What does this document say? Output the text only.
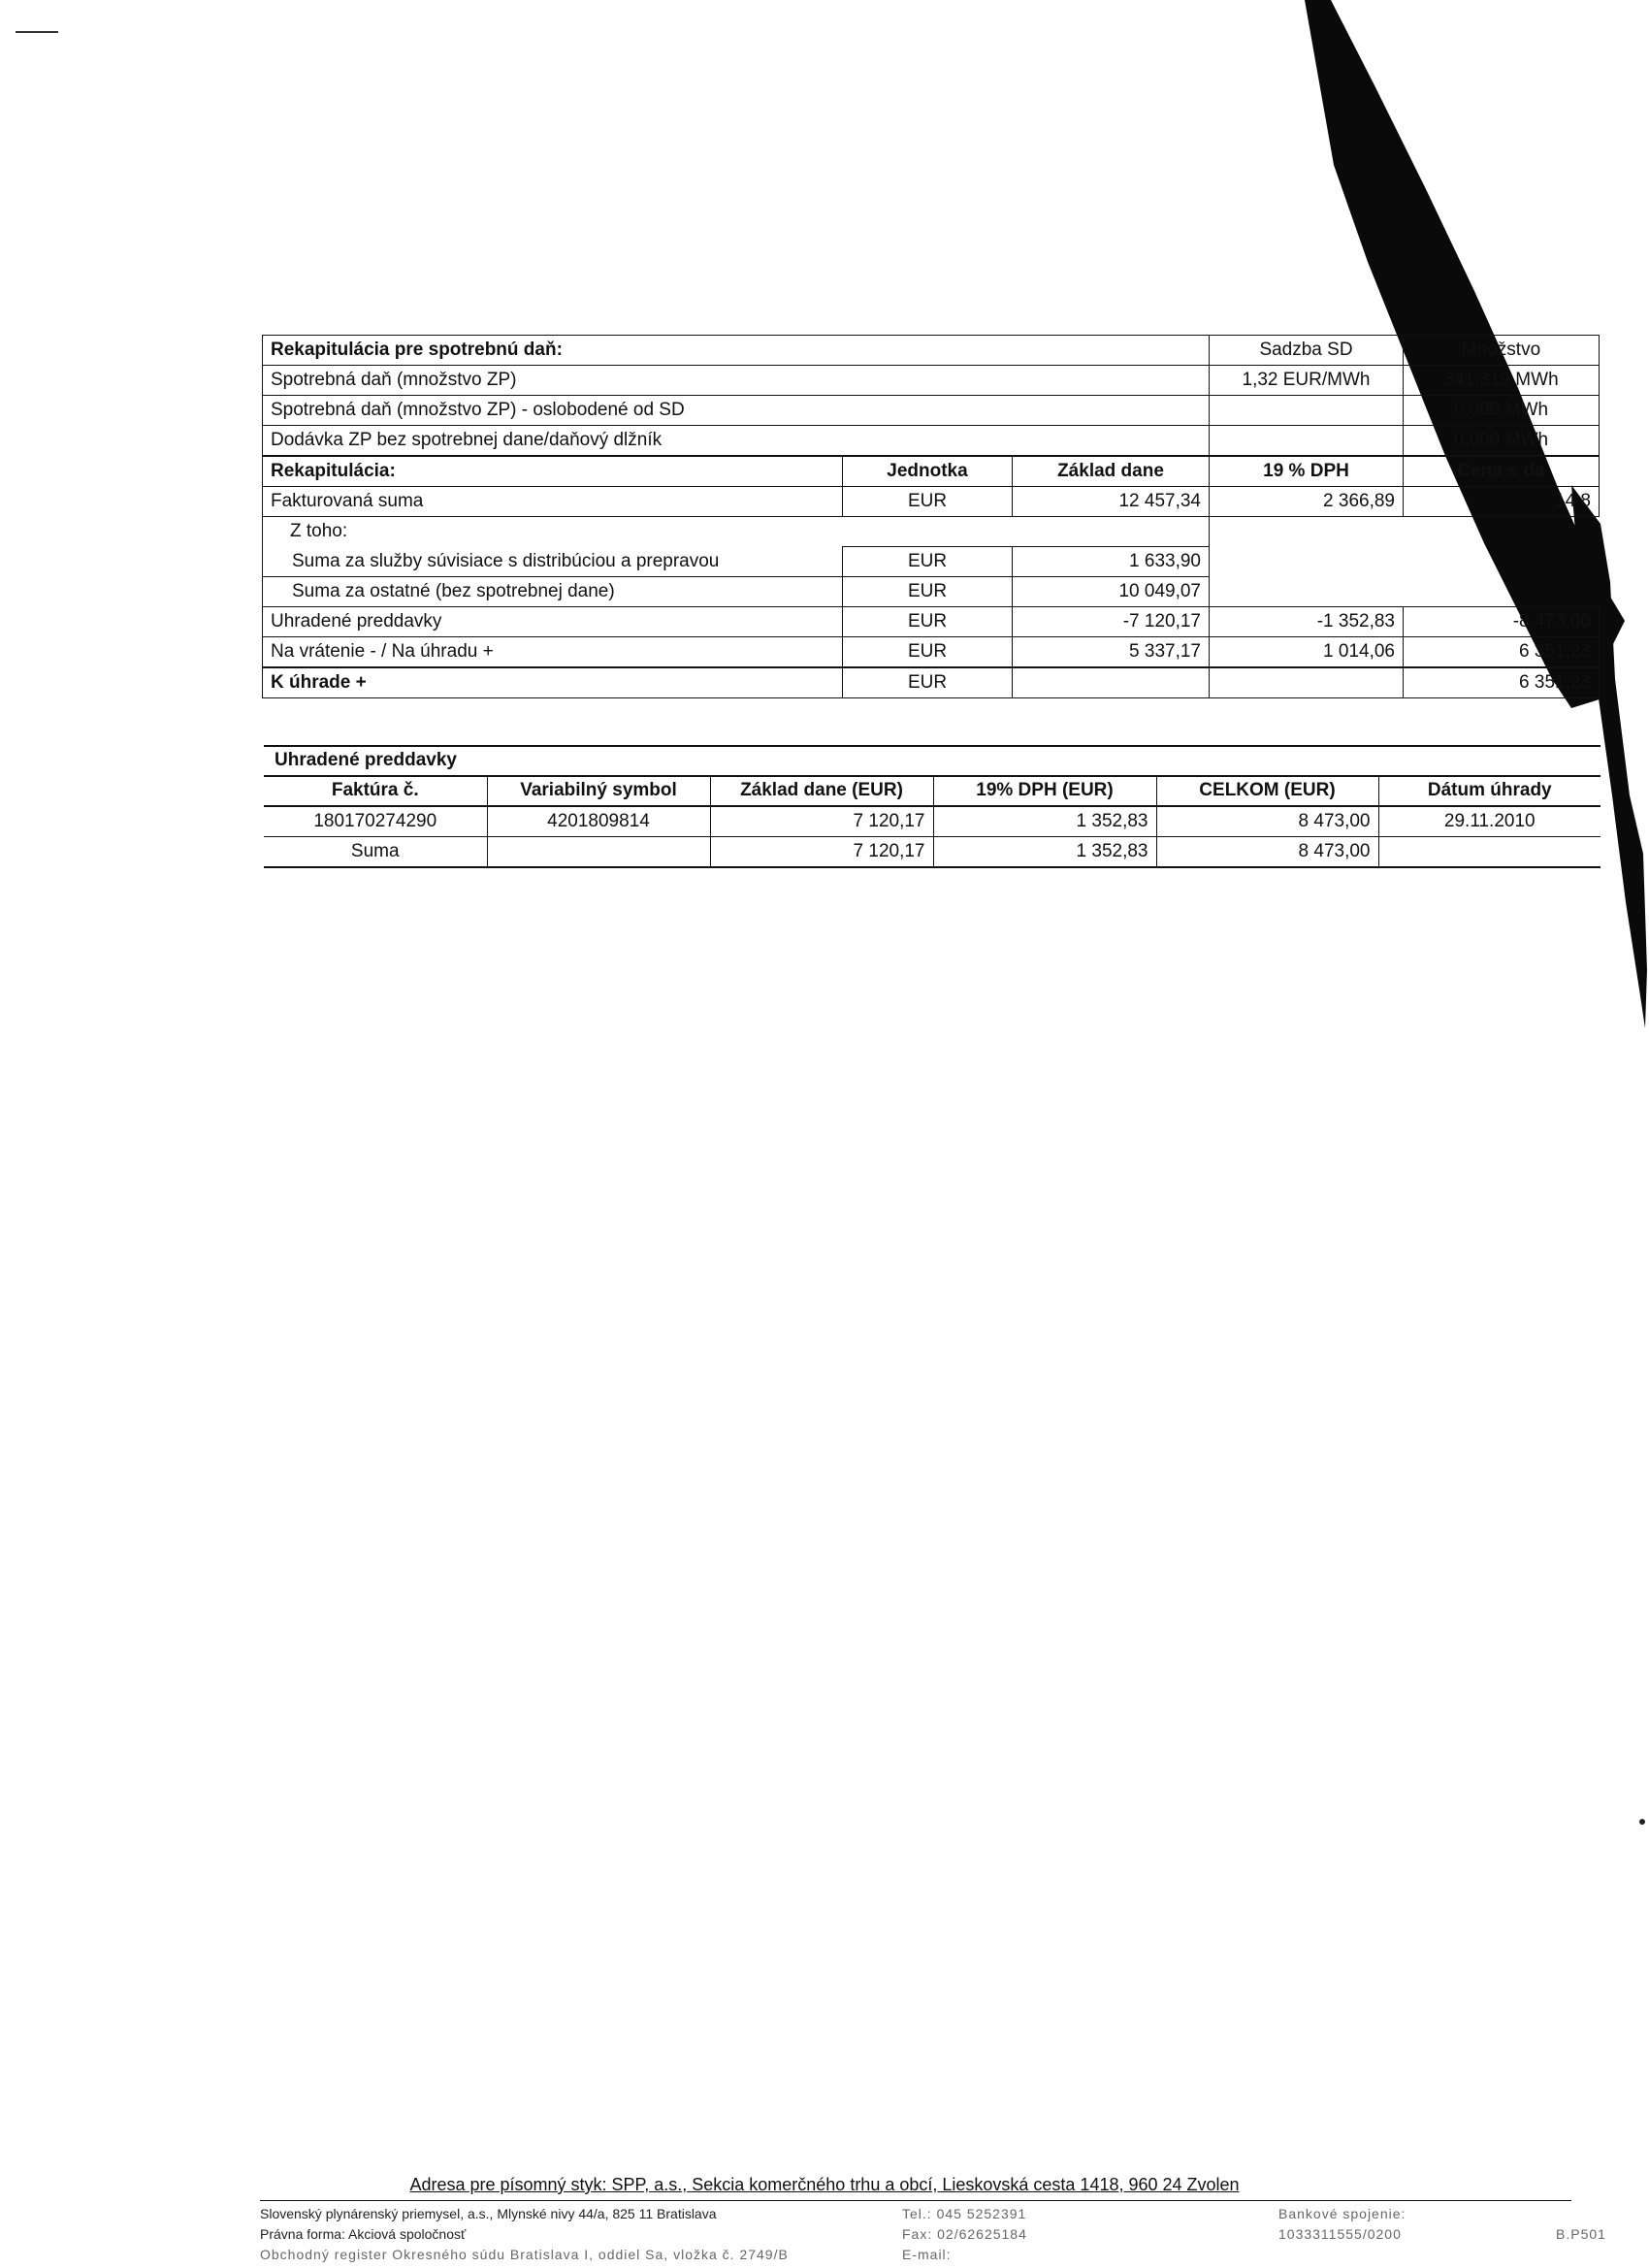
Rekapitulácia pre spotrebnú daň:			Sadzba SD	Množstvo
Spotrebná daň (množstvo ZP)			1,32 EUR/MWh	341,319 MWh
Spotrebná daň (množstvo ZP) - oslobodené od SD				0,000 MWh
Dodávka ZP bez spotrebnej dane/daňový dlžník				0,000 MWh
Rekapitulácia:	Jednotka	Základ dane	19 % DPH	Cena s da
Fakturovaná suma	EUR	12 457,34	2 366,89	14 8
Z toho:				
Suma za služby súvisiace s distribúciou a prepravou	EUR	1 633,90		
Suma za ostatné (bez spotrebnej dane)	EUR	10 049,07		
Uhradené preddavky	EUR	-7 120,17	-1 352,83	-8 473,00
Na vrátenie - / Na úhradu +	EUR	5 337,17	1 014,06	6 351,23
K úhrade +	EUR			6 351,23
Uhradené preddavky
Faktúra č.	Variabilný symbol	Základ dane (EUR)	19% DPH (EUR)	CELKOM (EUR)	Dátum úhrady
180170274290	4201809814	7 120,17	1 352,83	8 473,00	29.11.2010
Suma		7 120,17	1 352,83	8 473,00	
Adresa pre písomný styk: SPP, a.s., Sekcia komerčného trhu a obcí, Lieskovská cesta 1418, 960 24 Zvolen
Slovenský plynárenský priemysel, a.s., Mlynské nivy 44/a, 825 11 Bratislava
Právna forma: Akciová spoločnosť
Obchodný register Okresného súdu Bratislava I, oddiel Sa, vložka č. 2749/B
Tel.: 045 5252391
Fax: 02/62625184
E-mail:
Bankové spojenie:
1033311555/0200	B.P501
